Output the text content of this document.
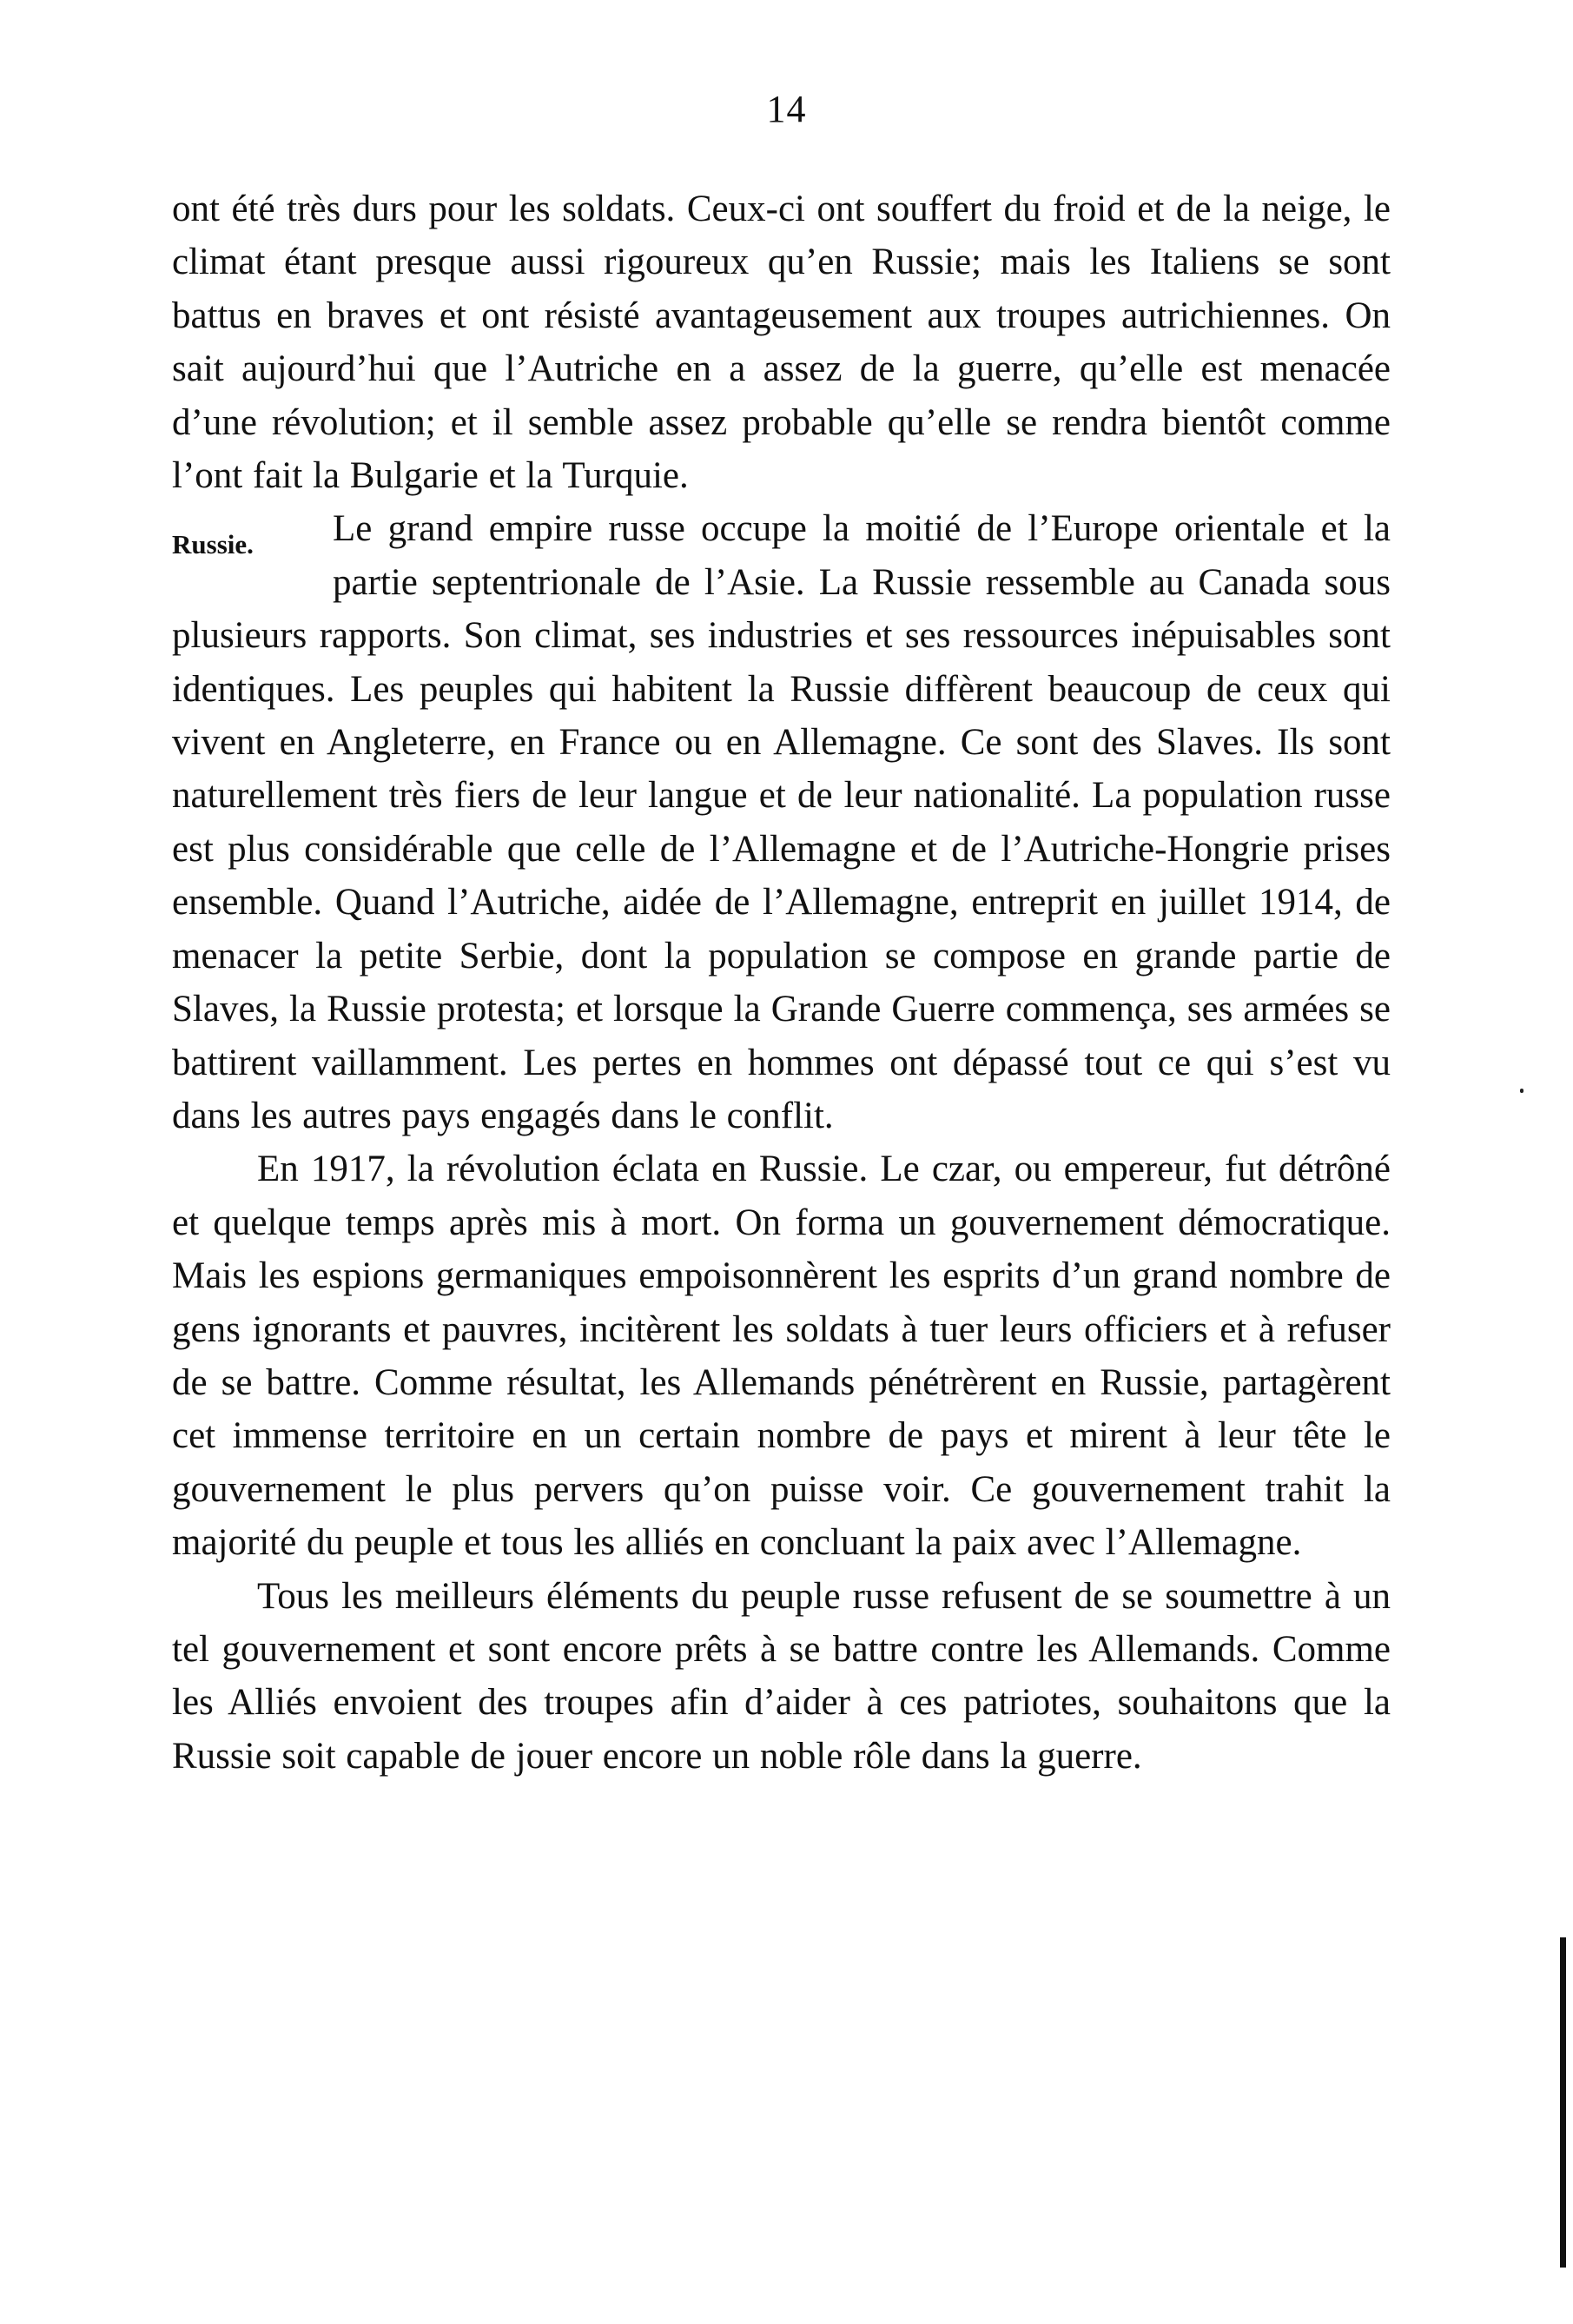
14

ont été très durs pour les soldats. Ceux-ci ont souffert du froid et de la neige, le climat étant presque aussi rigoureux qu’en Russie; mais les Italiens se sont battus en braves et ont résisté avantageusement aux troupes autrichiennes. On sait aujourd’hui que l’Autriche en a assez de la guerre, qu’elle est menacée d’une révolution; et il semble assez probable qu’elle se rendra bientôt comme l’ont fait la Bulgarie et la Turquie.

Russie.	Le grand empire russe occupe la moitié de l’Europe orientale et la partie septentrionale de l’Asie. La Russie ressemble au Canada sous plusieurs rapports. Son climat, ses industries et ses ressources inépuisables sont identiques. Les peuples qui habitent la Russie diffèrent beaucoup de ceux qui vivent en Angleterre, en France ou en Allemagne. Ce sont des Slaves. Ils sont naturellement très fiers de leur langue et de leur nationalité. La population russe est plus considérable que celle de l’Allemagne et de l’Autriche-Hongrie prises ensemble. Quand l’Autriche, aidée de l’Allemagne, entreprit en juillet 1914, de menacer la petite Serbie, dont la population se compose en grande partie de Slaves, la Russie protesta; et lorsque la Grande Guerre commença, ses armées se battirent vaillamment. Les pertes en hommes ont dépassé tout ce qui s’est vu dans les autres pays engagés dans le conflit.

En 1917, la révolution éclata en Russie. Le czar, ou empereur, fut détrôné et quelque temps après mis à mort. On forma un gouvernement démocratique. Mais les espions germaniques empoisonnèrent les esprits d’un grand nombre de gens ignorants et pauvres, incitèrent les soldats à tuer leurs officiers et à refuser de se battre. Comme résultat, les Allemands pénétrèrent en Russie, partagèrent cet immense territoire en un certain nombre de pays et mirent à leur tête le gouvernement le plus pervers qu’on puisse voir. Ce gouvernement trahit la majorité du peuple et tous les alliés en concluant la paix avec l’Allemagne.

Tous les meilleurs éléments du peuple russe refusent de se soumettre à un tel gouvernement et sont encore prêts à se battre contre les Allemands. Comme les Alliés envoient des troupes afin d’aider à ces patriotes, souhaitons que la Russie soit capable de jouer encore un noble rôle dans la guerre.
